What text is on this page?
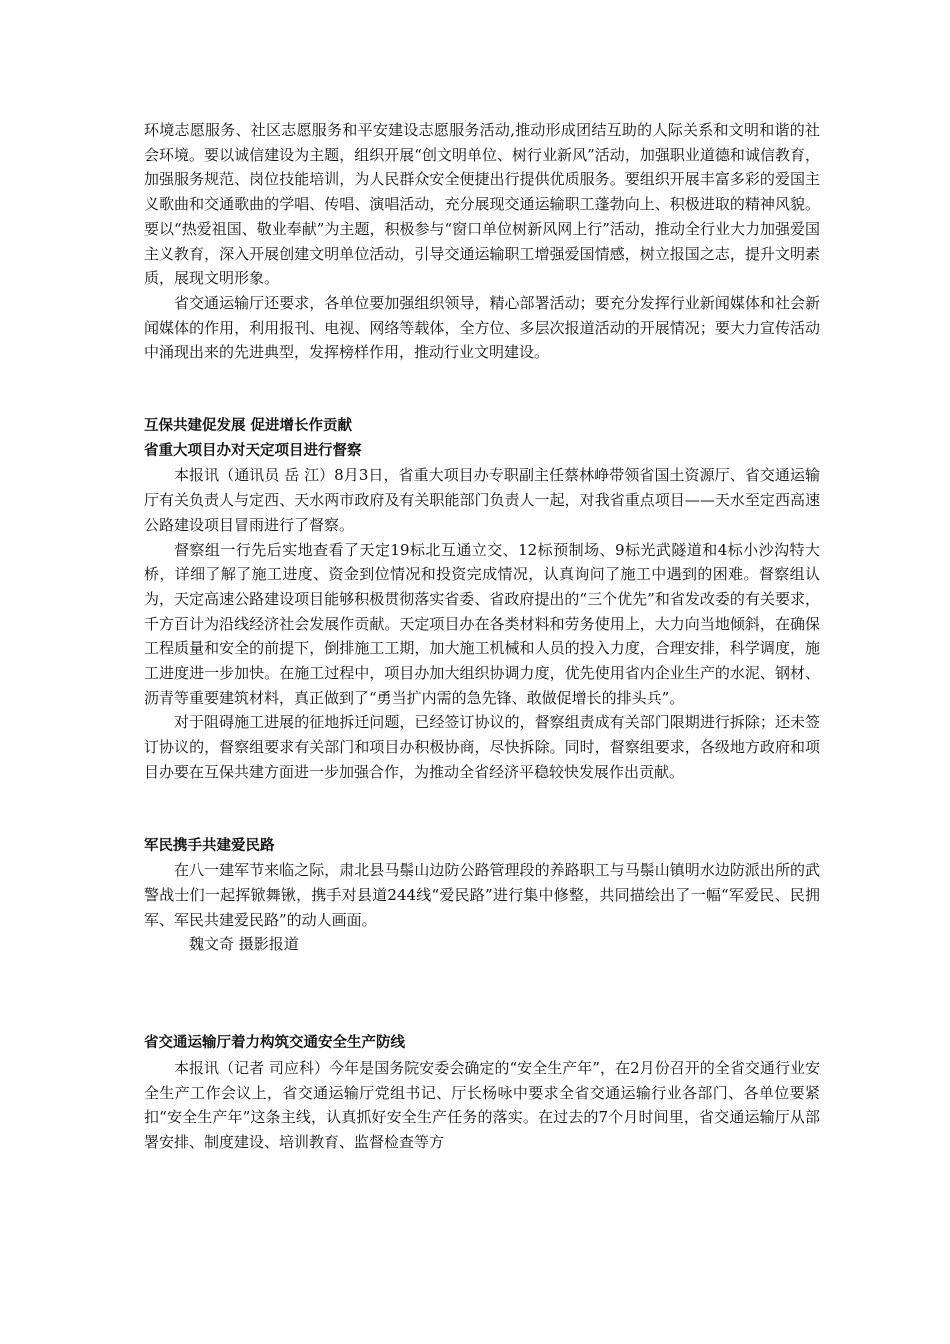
环境志愿服务、社区志愿服务和平安建设志愿服务活动,推动形成团结互助的人际关系和文明和谐的社会环境。要以诚信建设为主题，组织开展“创文明单位、树行业新风”活动，加强职业道德和诚信教育，加强服务规范、岗位技能培训，为人民群众安全便捷出行提供优质服务。要组织开展丰富多彩的爱国主义歌曲和交通歌曲的学唱、传唱、演唱活动，充分展现交通运输职工蓬勃向上、积极进取的精神风貌。要以“热爱祖国、敬业奉献”为主题，积极参与“窗口单位树新风网上行”活动，推动全行业大力加强爱国主义教育，深入开展创建文明单位活动，引导交通运输职工增强爱国情感，树立报国之志，提升文明素质，展现文明形象。

省交通运输厅还要求，各单位要加强组织领导，精心部署活动；要充分发挥行业新闻媒体和社会新闻媒体的作用，利用报刊、电视、网络等载体，全方位、多层次报道活动的开展情况；要大力宣传活动中涌现出来的先进典型，发挥榜样作用，推动行业文明建设。

互保共建促发展 促进增长作贡献

省重大项目办对天定项目进行督察

本报讯（通讯员 岳 江）8月3日，省重大项目办专职副主任蔡林峥带领省国土资源厅、省交通运输厅有关负责人与定西、天水两市政府及有关职能部门负责人一起，对我省重点项目——天水至定西高速公路建设项目冒雨进行了督察。

督察组一行先后实地查看了天定19标北互通立交、12标预制场、9标光武隧道和4标小沙沟特大桥，详细了解了施工进度、资金到位情况和投资完成情况，认真询问了施工中遇到的困难。督察组认为，天定高速公路建设项目能够积极贯彻落实省委、省政府提出的“三个优先”和省发改委的有关要求，千方百计为沿线经济社会发展作贡献。天定项目办在各类材料和劳务使用上，大力向当地倾斜，在确保工程质量和安全的前提下，倒排施工工期，加大施工机械和人员的投入力度，合理安排，科学调度，施工进度进一步加快。在施工过程中，项目办加大组织协调力度，优先使用省内企业生产的水泥、钢材、沥青等重要建筑材料，真正做到了“勇当扩内需的急先锋、敢做促增长的排头兵”。

对于阻碍施工进展的征地拆迁问题，已经签订协议的，督察组责成有关部门限期进行拆除；还未签订协议的，督察组要求有关部门和项目办积极协商，尽快拆除。同时，督察组要求，各级地方政府和项目办要在互保共建方面进一步加强合作，为推动全省经济平稳较快发展作出贡献。

军民携手共建爱民路

在八一建军节来临之际，肃北县马鬃山边防公路管理段的养路职工与马鬃山镇明水边防派出所的武警战士们一起挥锨舞锹，携手对县道244线“爱民路”进行集中修整，共同描绘出了一幅“军爱民、民拥军、军民共建爱民路”的动人画面。

魏文奇 摄影报道

省交通运输厅着力构筑交通安全生产防线

本报讯（记者 司应科）今年是国务院安委会确定的“安全生产年”，在2月份召开的全省交通行业安全生产工作会议上，省交通运输厅党组书记、厅长杨咏中要求全省交通运输行业各部门、各单位要紧扣“安全生产年”这条主线，认真抓好安全生产任务的落实。在过去的7个月时间里，省交通运输厅从部署安排、制度建设、培训教育、监督检查等方
